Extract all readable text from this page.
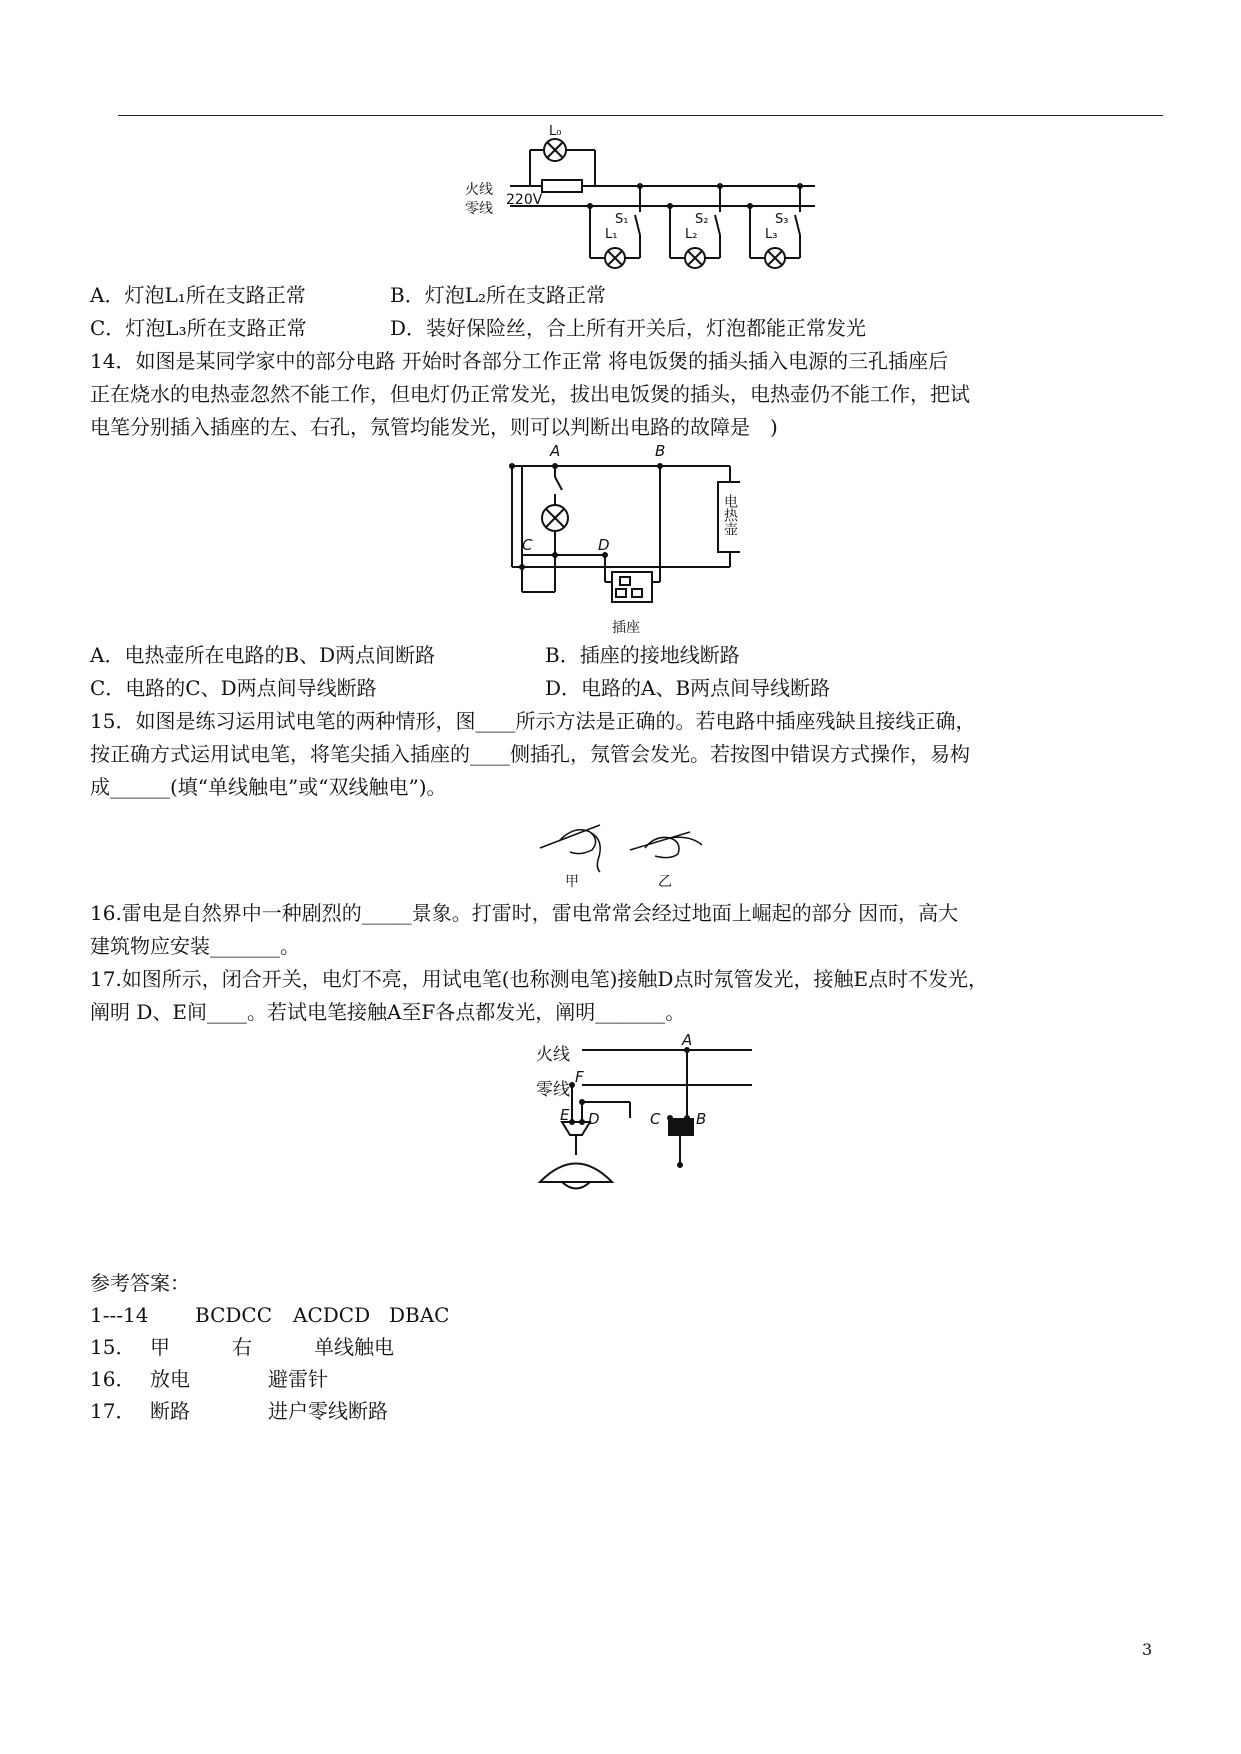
L₀
火线
零线
220V
S₁
L₁
S₂
L₂
S₃
L₃
A．灯泡L₁所在支路正常	B．灯泡L₂所在支路正常
C．灯泡L₃所在支路正常	D．装好保险丝，合上所有开关后，灯泡都能正常发光
14．如图是某同学家中的部分电路 开始时各部分工作正常 将电饭煲的插头插入电源的三孔插座后
正在烧水的电热壶忽然不能工作，但电灯仍正常发光，拔出电饭煲的插头，电热壶仍不能工作，把试
电笔分别插入插座的左、右孔，氖管均能发光，则可以判断出电路的故障是　)
A	B
C	D
电热壶
插座
A．电热壶所在电路的B、D两点间断路	B．插座的接地线断路
C．电路的C、D两点间导线断路	D．电路的A、B两点间导线断路
15．如图是练习运用试电笔的两种情形，图____所示方法是正确的。若电路中插座残缺且接线正确，
按正确方式运用试电笔，将笔尖插入插座的____侧插孔，氖管会发光。若按图中错误方式操作，易构
成______(填“单线触电”或“双线触电”)。
甲	乙
16.雷电是自然界中一种剧烈的_____景象。打雷时，雷电常常会经过地面上崛起的部分 因而，高大
建筑物应安装_______。
17.如图所示，闭合开关，电灯不亮，用试电笔(也称测电笔)接触D点时氖管发光，接触E点时不发光，
阐明 D、E间____。若试电笔接触A至F各点都发光，阐明_______。
A
F
E D	C B
火线
零线
参考答案：
1---14 BCDCC ACDCD DBAC
15． 甲	右	单线触电
16． 放电	避雷针
17． 断路	进户零线断路
3
